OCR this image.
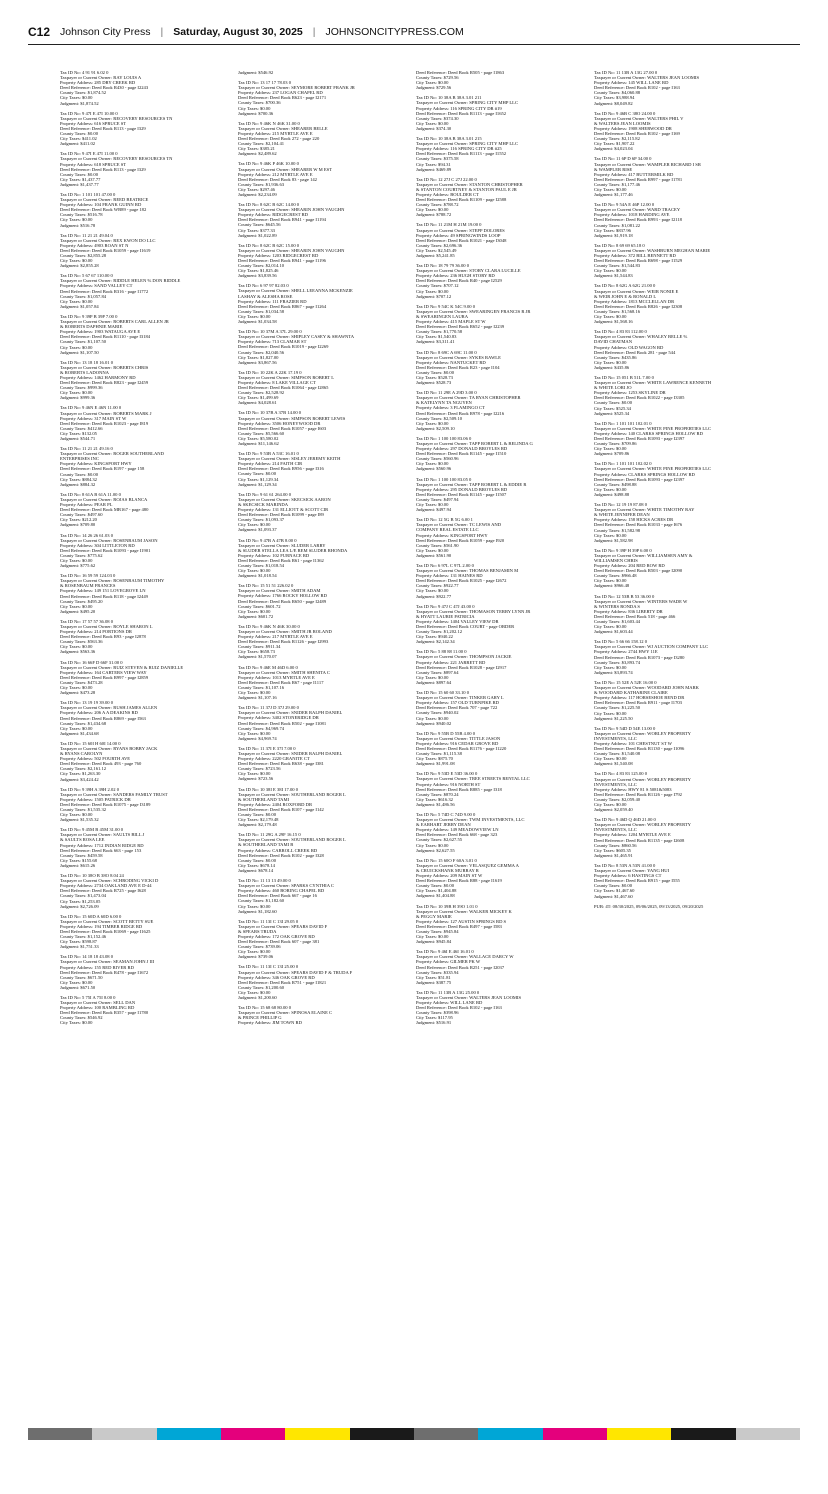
C12 Johnson City Press | Saturday, August 30, 2025 | JOHNSONCITYPRESS.COM
Tax ID No: 4 91 91 6.02 0
Taxpayer or Current Owner: RAY LOUIS A
Property Address: 285 DRY CREEK RD
Deed Reference: Deed Book R430 - page I2243
County Taxes: $1,874.52
City Taxes: $0.00
Judgment: $1,874.52
Tax ID No: 9 47I E 47I 10.00 0
Taxpayer or Current Owner: RECOVERY RESOURCES TN
Property Address: 616 SPRUCE ST
Deed Reference: Deed Book R113 - page I329
County Taxes: $0.00
City Taxes: $411.02
Judgment: $411.02
Tax ID No: 9 47I E 47I 11.00 0
Taxpayer or Current Owner: RECOVERY RESOURCES TN
Property Address: 618 SPRUCE ST
Deed Reference: Deed Book R113 - page I329
County Taxes: $0.00
City Taxes: $1,437.77
Judgment: $1,437.77
Tax ID No: 1 101 101 47.00 0
Taxpayer or Current Owner: REED BEATRICE
Property Address: 104 FRANK GUINN RD
Deed Reference: Deed Book WB89 - page 182
County Taxes: $516.78
City Taxes: $0.00
Judgment: $516.78
Tax ID No: 11 21 21 49.04 0
Taxpayer or Current Owner: REX KWON DO LLC
Property Address: 4903 ROAN ST N
Deed Reference: Deed Book R1059 - page I1619
County Taxes: $2,855.28
City Taxes: $0.00
Judgment: $2,855.28
Tax ID No: 5 67 67 110.00 0
Taxpayer or Current Owner: RIDDLE HELEN % DON RIDDLE
Property Address: SAND VALLEY CT
Deed Reference: Deed Book R316 - page I1772
County Taxes: $1,057.84
City Taxes: $0.00
Judgment: $1,057.84
Tax ID No: 9 39P B 39P 7.00 0
Taxpayer or Current Owner: ROBERTS CARL ALLEN JR
& ROBERTS DAPHNIE MARIE
Property Address: 1903 WATAUGA AVE E
Deed Reference: Deed Book R1110 - page I3184
County Taxes: $1,107.50
City Taxes: $0.00
Judgment: $1,107.50
Tax ID No: 13 18 18 16.01 0
Taxpayer or Current Owner: ROBERTS CHRIS
& ROBERTS LADONNA
Property Address: 1462 HARMONY RD
Deed Reference: Deed Book R823 - page I2459
County Taxes: $999.36
City Taxes: $0.00
Judgment: $999.36
Tax ID No: 9 46N E 46N 11.00 0
Taxpayer or Current Owner: ROBERTS MARK J
Property Address: 317 MAIN ST W
Deed Reference: Deed Book R1023 - page I819
County Taxes: $412.66
City Taxes: $132.05
Judgment: $544.71
Tax ID No: 11 21 21 49.16 0
Taxpayer or Current Owner: ROGER SOUTHERLAND
ENTERPRISES INC
Property Address: KINGSPORT HWY
Deed Reference: Deed Book R197 - page 158
County Taxes: $0.00
City Taxes: $884.32
Judgment: $884.32
Tax ID No: 8 61A B 61A 11.00 0
Taxpayer or Current Owner: ROJAS BLANCA
Property Address: PEAR PL
Deed Reference: Deed Book MB167 - page 480
County Taxes: $497.60
City Taxes: $212.20
Judgment: $709.80
Tax ID No: 14 26 26 61.03 0
Taxpayer or Current Owner: ROSENBAUM JASON
Property Address: 304 LITTLETON RD
Deed Reference: Deed Book R1093 - page I1901
County Taxes: $775.62
City Taxes: $0.00
Judgment: $775.62
Tax ID No: 16 59 59 124.03 0
Taxpayer or Current Owner: ROSENBAUM TIMOTHY
& ROSENBAUM FRANCES
Property Address: 149 151 LOVEGROVE LN
Deed Reference: Deed Book R118 - page I2449
County Taxes: $495.20
City Taxes: $0.00
Judgment: $495.20
Tax ID No: 17 57 57 36.08 0
Taxpayer or Current Owner: ROYLE SHARON L
Property Address: 214 PORTIONS DR
Deed Reference: Deed Book R93 - page I2878
County Taxes: $563.36
City Taxes: $0.00
Judgment: $563.36
Tax ID No: 16 66F D 66F 31.00 0
Taxpayer or Current Owner: RUIZ STEVEN & RUIZ DANIELLE
Property Address: 164 CARTERS VIEW WAY
Deed Reference: Deed Book R997 - page I2859
County Taxes: $473.28
City Taxes: $0.00
Judgment: $473.28
Tax ID No: 13 19 19 39.00 0
Taxpayer or Current Owner: RUSH JAMES ALLEN
Property Address: 206 A A DEAKINS RD
Deed Reference: Deed Book R869 - page I563
County Taxes: $1,434.68
City Taxes: $0.00
Judgment: $1,434.68
Tax ID No: 15 60I H 60I 14.00 0
Taxpayer or Current Owner: RYANS BOBBY JACK
& RYANS CAROLYN
Property Address: 502 FOURTH AVE
Deed Reference: Deed Book 493 - page 760
County Taxes: $2,161.12
City Taxes: $1,263.30
Judgment: $3,424.42
Tax ID No: 9 39H A 39H 2.02 0
Taxpayer or Current Owner: SANDERS FAMILY TRUST
Property Address: 1505 PATRICK DR
Deed Reference: Deed Book R1075 - page I3189
County Taxes: $1,535.32
City Taxes: $0.00
Judgment: $1,535.32
Tax ID No: 9 45M B 45M 31.00 0
Taxpayer or Current Owner: SAULTS BILL J
& SAULTS ROSA LEE
Property Address: 1712 INDIAN RIDGE RD
Deed Reference: Deed Book 663 - page 153
County Taxes: $459.58
City Taxes: $155.68
Judgment: $615.26
Tax ID No: 10 38O B 38O 8.04 24
Taxpayer or Current Owner: SCHRODING VICKI D
Property Address: 2734 OAKLAND AVE E D-44
Deed Reference: Deed Book R725 - page I628
County Taxes: $1,473.04
City Taxes: $1,253.05
Judgment: $2,726.09
Tax ID No: 15 60D A 60D 6.00 0
Taxpayer or Current Owner: SCOTT BETTY SUE
Property Address: 194 TIMBER RIDGE RD
Deed Reference: Deed Book R1069 - page I1625
County Taxes: $1,152.46
City Taxes: $598.87
Judgment: $1,751.33
Tax ID No: 14 18 18 43.08 0
Taxpayer or Current Owner: SEAMAN JOHN J III
Property Address: 155 RED RIVER RD
Deed Reference: Deed Book R478 - page I1672
County Taxes: $671.50
City Taxes: $0.00
Judgment: $671.50
Tax ID No: 5 75I A 75I 8.00 0
Taxpayer or Current Owner: SELL DAN
Property Address: 100 RAMBLING RD
Deed Reference: Deed Book R357 - page I1780
County Taxes: $546.92
City Taxes: $0.00
Judgment: $546.92
Tax ID No: 13 17 17 78.03 0
Taxpayer or Current Owner: SEYMORE ROBERT FRANK JR
Property Address: 237 LOGAN CHAPEL RD
Deed Reference: Deed Book R623 - page I2171
County Taxes: $700.36
City Taxes: $0.00
Judgment: $700.36
Tax ID No: 9 46K N 46K 31.00 0
Taxpayer or Current Owner: SHEARER BELLE
Property Address: 215 MYRTLE AVE E
Deed Reference: Deed Book 272 - page 220
County Taxes: $2,104.41
City Taxes: $385.21
Judgment: $2,489.62
Tax ID No: 9 46K P 46K 10.00 0
Taxpayer or Current Owner: SHEARER W M EST
Property Address: 212 MYRTLE AVE E
Deed Reference: Deed Book 83 - page 142
County Taxes: $1,936.63
City Taxes: $297.46
Judgment: $2,234.09
Tax ID No: 8 62C B 62C 14.00 0
Taxpayer or Current Owner: SHEARIN JOHN VAUGHN
Property Address: RIDGECREST RD
Deed Reference: Deed Book R941 - page I1194
County Taxes: $645.56
City Taxes: $377.33
Judgment: $1,022.89
Tax ID No: 8 62C B 62C 15.00 0
Taxpayer or Current Owner: SHEARIN JOHN VAUGHN
Property Address: 1203 RIDGECREST RD
Deed Reference: Deed Book R941 - page I1196
County Taxes: $2,014.10
City Taxes: $1,825.46
Judgment: $3,839.56
Tax ID No: 6 97 97 82.03 0
Taxpayer or Current Owner: SHELL LEEANNA MCKENZIE
LASHAY & ALESHA ROSE
Property Address: 111 FRAZIER RD
Deed Reference: Deed Book R867 - page I1264
County Taxes: $1,034.58
City Taxes: $0.00
Judgment: $1,034.58
Tax ID No: 10 37M A 37L 29.00 0
Taxpayer or Current Owner: SHIPLEY CASEY & SHAWNTA
Property Address: 713 CLAMAR ST
Deed Reference: Deed Book R1019 - page I2269
County Taxes: $2,040.56
City Taxes: $1,827.00
Judgment: $3,867.56
Tax ID No: 10 22K A 22K 17.19 0
Taxpayer or Current Owner: SIMPSON ROBERT L
Property Address: 8 LAKE VILLAGE CT
Deed Reference: Deed Book R1064 - page I2865
County Taxes: $2,528.92
City Taxes: $1,499.69
Judgment: $4,028.61
Tax ID No: 10 37B A 37B 14.00 0
Taxpayer or Current Owner: SIMPSON ROBERT LEWIS
Property Address: 3506 HONEYWOOD DR
Deed Reference: Deed Book R1057 - page I603
County Taxes: $5,566.60
City Taxes: $5,580.02
Judgment: $11,146.62
Tax ID No: 9 53B A 53C 16.01 0
Taxpayer or Current Owner: SISLEY JEREMY KEITH
Property Address: 214 FAITH CIR
Deed Reference: Deed Book R956 - page I316
County Taxes: $0.00
City Taxes: $1,129.34
Judgment: $1,129.34
Tax ID No: 9 61 61 264.00 0
Taxpayer or Current Owner: SKECSICK AARON
& SKECSICK MARINDA
Property Address: 131 ELLIOTT & SCOTT CIR
Deed Reference: Deed Book R1099 - page I89
County Taxes: $1,093.37
City Taxes: $0.00
Judgment: $1,093.37
Tax ID No: 9 47B A 47B 8.00 0
Taxpayer or Current Owner: SLUDER LARRY
& SLUDER STELLA LEA L/E REM SLUDER RHONDA
Property Address: 102 FURNACE RD
Deed Reference: Deed Book R61 - page I1362
County Taxes: $1,018.54
City Taxes: $0.00
Judgment: $1,018.54
Tax ID No: 15 51 51 226.02 0
Taxpayer or Current Owner: SMITH ADAM
Property Address: 1766 ROCKY HOLLOW RD
Deed Reference: Deed Book R650 - page I2489
County Taxes: $601.72
City Taxes: $0.00
Judgment: $601.72
Tax ID No: 9 46K N 46K 30.00 0
Taxpayer or Current Owner: SMITH JR ROLAND
Property Address: 217 MYRTLE AVE E
Deed Reference: Deed Book R1126 - page I2993
County Taxes: $911.34
City Taxes: $658.73
Judgment: $1,570.07
Tax ID No: 9 46E M 46D 6.00 0
Taxpayer or Current Owner: SMITH SHENITA C
Property Address: 1013 MYRTLE AVE E
Deed Reference: Deed Book R67 - page I1117
County Taxes: $1,107.16
City Taxes: $0.00
Judgment: $1,107.16
Tax ID No: 11 37J D 37J 29.00 0
Taxpayer or Current Owner: SNIDER RALPH DANIEL
Property Address: 3402 STONERIDGE DR
Deed Reference: Deed Book R502 - page I1081
County Taxes: $4,969.74
City Taxes: $0.00
Judgment: $4,969.74
Tax ID No: 11 37I E 37I 7.00 0
Taxpayer or Current Owner: SNIDER RALPH DANIEL
Property Address: 2220 GRANITE CT
Deed Reference: Deed Book R638 - page I381
County Taxes: $723.56
City Taxes: $0.00
Judgment: $723.56
Tax ID No: 10 38I E 38I 17.00 0
Taxpayer or Current Owner: SOUTHERLAND ROGER L
& SOUTHERLAND TAMI
Property Address: 2404 ROXFORD DR
Deed Reference: Deed Book R107 - page I142
County Taxes: $0.00
City Taxes: $2,179.48
Judgment: $2,179.48
Tax ID No: 11 29G A 29F 16.15 0
Taxpayer or Current Owner: SOUTHERLAND ROGER L
& SOUTHERLAND TAMI B
Property Address: CARROLL CREEK RD
Deed Reference: Deed Book R102 - page I328
County Taxes: $0.00
City Taxes: $678.14
Judgment: $678.14
Tax ID No: 11 13 13 49.00 0
Taxpayer or Current Owner: SPARKS CYNTHIA C
Property Address: 460 BORING CHAPEL RD
Deed Reference: Deed Book 667 - page 16
County Taxes: $1,182.60
City Taxes: $0.00
Judgment: $1,182.60
Tax ID No: 11 13I C 13I 29.05 0
Taxpayer or Current Owner: SPEARS DAVID F
& SPEARS TRUDA
Property Address: 172 OAK GROVE RD
Deed Reference: Deed Book 607 - page 381
County Taxes: $739.06
City Taxes: $0.00
Judgment: $739.06
Tax ID No: 11 13I C 13I 25.00 0
Taxpayer or Current Owner: SPEARS DAVID F & TRUDA F
Property Address: 346 OAK GROVE RD
Deed Reference: Deed Book R751 - page I1821
County Taxes: $1,200.60
City Taxes: $0.00
Judgment: $1,200.60
Tax ID No: 15 68 68 80.00 0
Taxpayer or Current Owner: SPINOSA ELAINE C
& PRINCE PHILLIP G
Property Address: JIM TOWN RD
Deed Reference: Deed Book R505 - page I1863
County Taxes: $729.56
City Taxes: $0.00
Judgment: $729.56
Tax ID No: 10 38A B 38A 3.01 211
Taxpayer or Current Owner: SPRING CITY MHP LLC
Property Address: 116 SPRING CITY DR #19
Deed Reference: Deed Book R1113 - page I1652
County Taxes: $374.30
City Taxes: $0.00
Judgment: $374.30
Tax ID No: 10 38A B 38A 3.01 215
Taxpayer or Current Owner: SPRING CITY MHP LLC
Property Address: 116 SPRING CITY DR #25
Deed Reference: Deed Book R1113 - page I1552
County Taxes: $375.58
City Taxes: $94.31
Judgment: $469.89
Tax ID No: 12 27J C 27J 22.00 0
Taxpayer or Current Owner: STANTON CHRISTOPHER
& STANTON COURTNEY & STANTON PAUL E JR
Property Address: BOULDER CT
Deed Reference: Deed Book R1109 - page I2588
County Taxes: $788.72
City Taxes: $0.00
Judgment: $788.72
Tax ID No: 11 21M H 21M 19.00 0
Taxpayer or Current Owner: STEPP DOLORES
Property Address: 49 SPRINGWINDS LOOP
Deed Reference: Deed Book R1021 - page I3048
County Taxes: $2,696.36
City Taxes: $2,545.49
Judgment: $5,241.85
Tax ID No: 18 79 79 36.00 0
Taxpayer or Current Owner: STORY CLARA LUCILLE
Property Address: 236 HUGH STORY RD
Deed Reference: Deed Book R40 - page I2529
County Taxes: $707.12
City Taxes: $0.00
Judgment: $707.12
Tax ID No: 9 54C K 54C 9.00 0
Taxpayer or Current Owner: SWEARINGEN FRANCIS R JR
& SWEARINGEN LAURA
Property Address: 415 MAPLE ST W
Deed Reference: Deed Book R652 - page I2239
County Taxes: $1,770.58
City Taxes: $1,540.83
Judgment: $3,311.41
Tax ID No: 8 69C A 69C 11.00 0
Taxpayer or Current Owner: SYKES RAWLE
Property Address: NANTUCKET RD
Deed Reference: Deed Book R23 - page I104
County Taxes: $0.00
City Taxes: $528.73
Judgment: $528.73
Tax ID No: 11 29E A 29D 3.00 0
Taxpayer or Current Owner: TA RYAN CHRISTOPHER
& KATELYNN TA NGUYEN
Property Address: 3 FLAMINGO CT
Deed Reference: Deed Book R978 - page I2216
County Taxes: $2,509.10
City Taxes: $0.00
Judgment: $2,509.10
Tax ID No: 1 100 100 83.06 0
Taxpayer or Current Owner: TAPP ROBERT L & BELINDA G
Property Address: 297 DONALD BROYLES RD
Deed Reference: Deed Book R1145 - page I1510
County Taxes: $560.96
City Taxes: $0.00
Judgment: $560.96
Tax ID No: 1 100 100 83.05 0
Taxpayer or Current Owner: TAPP ROBERT L & EDDIE R
Property Address: 295 DONALD BROYLES RD
Deed Reference: Deed Book R1145 - page I1507
County Taxes: $497.94
City Taxes: $0.00
Judgment: $497.94
Tax ID No: 12 5G B 5G 6.00 1
Taxpayer or Current Owner: TC LEWIS AND
COMPANY REAL ESTATE LLC
Property Address: KINGSPORT HWY
Deed Reference: Deed Book R1059 - page I920
County Taxes: $561.90
City Taxes: $0.00
Judgment: $561.90
Tax ID No: 6 97L C 97L 2.00 0
Taxpayer or Current Owner: THOMAS BENJAMIN M
Property Address: 131 HAINES RD
Deed Reference: Deed Book R1025 - page I2672
County Taxes: $922.77
City Taxes: $0.00
Judgment: $922.77
Tax ID No: 9 47J C 47J 43.00 0
Taxpayer or Current Owner: THOMASON TERRY LYNN JR
& HYATT LAURIE PATRICIA
Property Address: 1404 VALLEY VIEW DR
Deed Reference: Deed Book COURT - page ORDER
County Taxes: $1,202.12
City Taxes: $940.22
Judgment: $2,142.34
Tax ID No: 5 88 88 11.00 0
Taxpayer or Current Owner: THOMPSON JACKIE
Property Address: 221 JARRETT RD
Deed Reference: Deed Book R1028 - page I2917
County Taxes: $897.64
City Taxes: $0.00
Judgment: $897.64
Tax ID No: 15 60 60 33.10 0
Taxpayer or Current Owner: TINKER GARY L
Property Address: 157 OLD TURNPIKE RD
Deed Reference: Deed Book 707 - page 722
County Taxes: $940.02
City Taxes: $0.00
Judgment: $940.02
Tax ID No: 9 55B D 55B 4.00 0
Taxpayer or Current Owner: TITTLE JASON
Property Address: 916 CEDAR GROVE RD
Deed Reference: Deed Book R1176 - page I1220
County Taxes: $1,115.38
City Taxes: $875.70
Judgment: $1,991.08
Tax ID No: 9 53D E 53D 36.00 0
Taxpayer or Current Owner: TREE STREETS RENTAL LLC
Property Address: 916 NORTH ST
Deed Reference: Deed Book R885 - page I318
County Taxes: $870.24
City Taxes: $616.32
Judgment: $1,486.56
Tax ID No: 5 74D C 74D 9.00 0
Taxpayer or Current Owner: TWM INVESTMENTS, LLC
& EARHART JERRY DEAN
Property Address: 149 MEADOWVIEW LN
Deed Reference: Deed Book 668 - page 323
County Taxes: $2,627.55
City Taxes: $0.00
Judgment: $2,627.55
Tax ID No: 15 60O F 60A 3.01 0
Taxpayer or Current Owner: VELASQUEZ GEMMA A
& CRUICKSHANK MURRAY R
Property Address: 209 MAIN ST W
Deed Reference: Deed Book R88 - page I1619
County Taxes: $0.00
City Taxes: $1,404.88
Judgment: $1,404.88
Tax ID No: 10 39B H 39O 1.01 0
Taxpayer or Current Owner: WALKER MICKEY K
& PEGGY MARIE
Property Address: 127 AUSTIN SPRINGS RD S
Deed Reference: Deed Book R497 - page I583
County Taxes: $945.84
City Taxes: $0.00
Judgment: $945.84
Tax ID No: 9 46I E 46I 16.01 0
Taxpayer or Current Owner: WALLACE DARCY W
Property Address: GILMER PK W
Deed Reference: Deed Book R251 - page I2037
County Taxes: $335.94
City Taxes: $51.81
Judgment: $387.75
Tax ID No: 11 13B A 13G 25.00 0
Taxpayer or Current Owner: WALTERS JEAN LOOMIS
Property Address: WILL LANE RD
Deed Reference: Deed Book R102 - page I163
County Taxes: $398.96
City Taxes: $117.95
Judgment: $516.91
Tax ID No: 11 13B A 13G 27.00 0
Taxpayer or Current Owner: WALTERS JEAN LOOMIS
Property Address: 145 WILL LANE RD
Deed Reference: Deed Book R102 - page I163
County Taxes: $4,060.88
City Taxes: $3,988.94
Judgment: $8,049.82
Tax ID No: 9 46B C 38O 24.00 0
Taxpayer or Current Owner: WALTERS PHIL V
& WALTERS JEAN LOOMIS
Property Address: 1908 SHERWOOD DR
Deed Reference: Deed Book R102 - page I169
County Taxes: $2,115.82
City Taxes: $1,907.22
Judgment: $4,023.04
Tax ID No: 11 6P D 6P 34.00 0
Taxpayer or Current Owner: WAMPLER RICHARD I SR
& WAMPLER RISE
Property Address: 417 BUTTERMILK RD
Deed Reference: Deed Book R997 - page I1781
County Taxes: $1,177.46
City Taxes: $0.00
Judgment: $1,177.46
Tax ID No: 9 54A E 46P 12.00 0
Taxpayer or Current Owner: WARD TRACEY
Property Address: 1018 HARDING AVE
Deed Reference: Deed Book R993 - page I2118
County Taxes: $1,081.22
City Taxes: $837.96
Judgment: $1,919.18
Tax ID No: 8 69 69 65.18 0
Taxpayer or Current Owner: WASHBURN MEGHAN MARIE
Property Address: 372 BILL BENNETT RD
Deed Reference: Deed Book R698 - page I1529
County Taxes: $1,544.83
City Taxes: $0.00
Judgment: $1,544.83
Tax ID No: 8 62G A 62G 21.00 0
Taxpayer or Current Owner: WEIR NONIE E
& WEIR JOHN E & RONALD L
Property Address: 1813 MCCLELLAN DR
Deed Reference: Deed Book R826 - page I2308
County Taxes: $1,568.16
City Taxes: $0.00
Judgment: $1,568.16
Tax ID No: 4 83 83 112.00 0
Taxpayer or Current Owner: WHALEY BELLE %
DAVID CHATMAN
Property Address: OLD WAGON RD
Deed Reference: Deed Book 281 - page 544
County Taxes: $435.86
City Taxes: $0.00
Judgment: $435.86
Tax ID No: 15 051 B 51L 7.00 0
Taxpayer or Current Owner: WHITE LAWRENCE KENNETH
& WHITE LORI JO
Property Address: 1253 SKYLINE DR
Deed Reference: Deed Book R1022 - page I3305
County Taxes: $0.00
City Taxes: $525.34
Judgment: $525.34
Tax ID No: 1 101 101 102.01 0
Taxpayer or Current Owner: WHITE PINE PROPERTIES LLC
Property Address: 140 CLARKS SPRINGS HOLLOW RD
Deed Reference: Deed Book R1093 - page I2397
County Taxes: $709.86
City Taxes: $0.00
Judgment: $709.86
Tax ID No: 1 101 101 102.02 0
Taxpayer or Current Owner: WHITE PINE PROPERTIES LLC
Property Address: CLARKS SPRINGS HOLLOW RD
Deed Reference: Deed Book R1093 - page I2397
County Taxes: $498.88
City Taxes: $0.00
Judgment: $498.88
Tax ID No: 12 19 19 87.08 0
Taxpayer or Current Owner: WHITE TIMOTHY RAY
& WHITE JENNIFER DEAN
Property Address: 158 HICKS ACRES DR
Deed Reference: Deed Book R1033 - page I676
County Taxes: $1,582.98
City Taxes: $0.00
Judgment: $1,582.98
Tax ID No: 9 39P H 39P 6.00 0
Taxpayer or Current Owner: WILLIAMSEN AMY &
WILLIAMSEN CHRIS
Property Address: 204 RED ROW RD
Deed Reference: Deed Book R503 - page I2090
County Taxes: $966.48
City Taxes: $0.00
Judgment: $966.48
Tax ID No: 12 53B B 53 36.00 0
Taxpayer or Current Owner: WINTERS WADE W
& WINTERS RONDA S
Property Address: 836 LIBERTY DR
Deed Reference: Deed Book 518 - page 466
County Taxes: $1,603.44
City Taxes: $0.00
Judgment: $1,603.44
Tax ID No: 5 66 66 158.12 0
Taxpayer or Current Owner: WJ AUCTION COMPANY LLC
Property Address: 2744 HWY 11E
Deed Reference: Deed Book R1073 - page I3280
County Taxes: $3,893.74
City Taxes: $0.00
Judgment: $3,893.74
Tax ID No: 15 52E A 52E 16.00 0
Taxpayer or Current Owner: WOODARD JOHN MARK
& WOODARD KATHARINE CLAIRE
Property Address: 117 HORSESHOE BEND DR
Deed Reference: Deed Book R911 - page I1703
County Taxes: $1,225.50
City Taxes: $0.00
Judgment: $1,225.50
Tax ID No: 9 54D D 54E 13.00 0
Taxpayer or Current Owner: WORLEY PROPERTY
INVESTMENTS, LLC
Property Address: 101 CHESTNUT ST W
Deed Reference: Deed Book R1130 - page I1096
County Taxes: $1,540.08
City Taxes: $0.00
Judgment: $1,540.08
Tax ID No: 4 83 83 125.00 0
Taxpayer or Current Owner: WORLEY PROPERTY
INVESTMENTS, LLC
Property Address: HWY 81 S 5081&5083
Deed Reference: Deed Book R1126 - page I792
County Taxes: $2,059.40
City Taxes: $0.00
Judgment: $2,059.40
Tax ID No: 9 46D Q 46D 21.00 0
Taxpayer or Current Owner: WORLEY PROPERTY
INVESTMENTS, LLC
Property Address: 1204 MYRTLE AVE E
Deed Reference: Deed Book R1135 - page I2608
County Taxes: $860.56
City Taxes: $605.35
Judgment: $1,465.91
Tax ID No: 8 53N A 53N 41.00 0
Taxpayer or Current Owner: YANG HUI
Property Address: 6 HASTINGS CT
Deed Reference: Deed Book R915 - page I555
County Taxes: $0.00
City Taxes: $1,467.60
Judgment: $1,467.60
PUB: 4T: 08/30/2025, 09/06/2025, 09/13/2025, 09/20/2025
